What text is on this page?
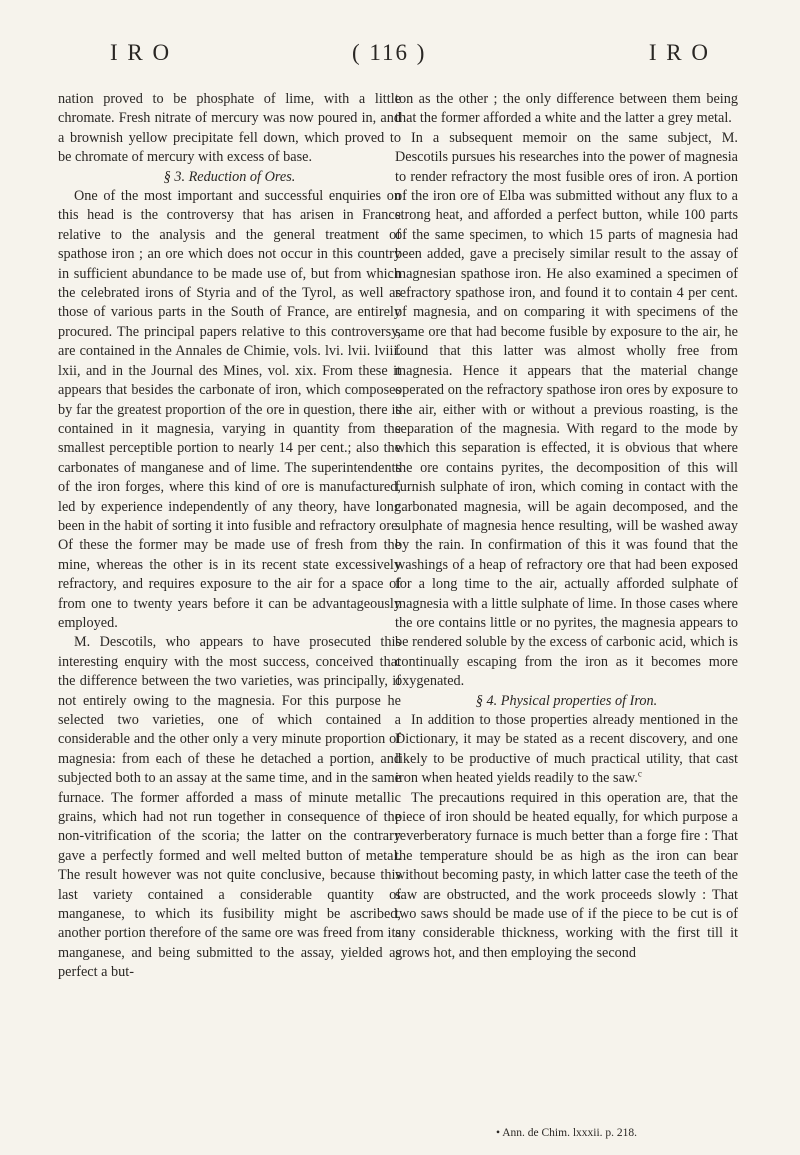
I R O	( 116 )	I R O

nation proved to be phosphate of lime, with a little chromate. Fresh nitrate of mercury was now poured in, and a brownish yellow precipitate fell down, which proved to be chromate of mercury with excess of base.

§ 3. Reduction of Ores.

One of the most important and successful enquiries on this head is the controversy that has arisen in France relative to the analysis and the general treatment of spathose iron ; an ore which does not occur in this country in sufficient abundance to be made use of, but from which the celebrated irons of Styria and of the Tyrol, as well as those of various parts in the South of France, are entirely procured. The principal papers relative to this controversy, are contained in the Annales de Chimie, vols. lvi. lvii. lviii. lxii, and in the Journal des Mines, vol. xix. From these it appears that besides the carbonate of iron, which composes by far the greatest proportion of the ore in question, there is contained in it magnesia, varying in quantity from the smallest perceptible portion to nearly 14 per cent.; also the carbonates of manganese and of lime. The superintendents of the iron forges, where this kind of ore is manufactured, led by experience independently of any theory, have long been in the habit of sorting it into fusible and refractory ore. Of these the former may be made use of fresh from the mine, whereas the other is in its recent state excessively refractory, and requires exposure to the air for a space of from one to twenty years before it can be advantageously employed.

M. Descotils, who appears to have prosecuted this interesting enquiry with the most success, conceived that the difference between the two varieties, was principally, if not entirely owing to the magnesia. For this purpose he selected two varieties, one of which contained a considerable and the other only a very minute proportion of magnesia: from each of these he detached a portion, and subjected both to an assay at the same time, and in the same furnace. The former afforded a mass of minute metallic grains, which had not run together in consequence of the non-vitrification of the scoria; the latter on the contrary gave a perfectly formed and well melted button of metal. The result however was not quite conclusive, because this last variety contained a considerable quantity of manganese, to which its fusibility might be ascribed, another portion therefore of the same ore was freed from its manganese, and being submitted to the assay, yielded as perfect a but-

ton as the other ; the only difference between them being that the former afforded a white and the latter a grey metal.

In a subsequent memoir on the same subject, M. Descotils pursues his researches into the power of magnesia to render refractory the most fusible ores of iron. A portion of the iron ore of Elba was submitted without any flux to a strong heat, and afforded a perfect button, while 100 parts of the same specimen, to which 15 parts of magnesia had been added, gave a precisely similar result to the assay of magnesian spathose iron. He also examined a specimen of refractory spathose iron, and found it to contain 4 per cent. of magnesia, and on comparing it with specimens of the same ore that had become fusible by exposure to the air, he found that this latter was almost wholly free from magnesia. Hence it appears that the material change operated on the refractory spathose iron ores by exposure to the air, either with or without a previous roasting, is the separation of the magnesia. With regard to the mode by which this separation is effected, it is obvious that where the ore contains pyrites, the decomposition of this will furnish sulphate of iron, which coming in contact with the carbonated magnesia, will be again decomposed, and the sulphate of magnesia hence resulting, will be washed away by the rain. In confirmation of this it was found that the washings of a heap of refractory ore that had been exposed for a long time to the air, actually afforded sulphate of magnesia with a little sulphate of lime. In those cases where the ore contains little or no pyrites, the magnesia appears to be rendered soluble by the excess of carbonic acid, which is continually escaping from the iron as it becomes more oxygenated.

§ 4. Physical properties of Iron.

In addition to those properties already mentioned in the Dictionary, it may be stated as a recent discovery, and one likely to be productive of much practical utility, that cast iron when heated yields readily to the saw.$^c$

The precautions required in this operation are, that the piece of iron should be heated equally, for which purpose a reverberatory furnace is much better than a forge fire : That the temperature should be as high as the iron can bear without becoming pasty, in which latter case the teeth of the saw are obstructed, and the work proceeds slowly : That two saws should be made use of if the piece to be cut is of any considerable thickness, working with the first till it grows hot, and then employing the second

• Ann. de Chim. lxxxii. p. 218.
